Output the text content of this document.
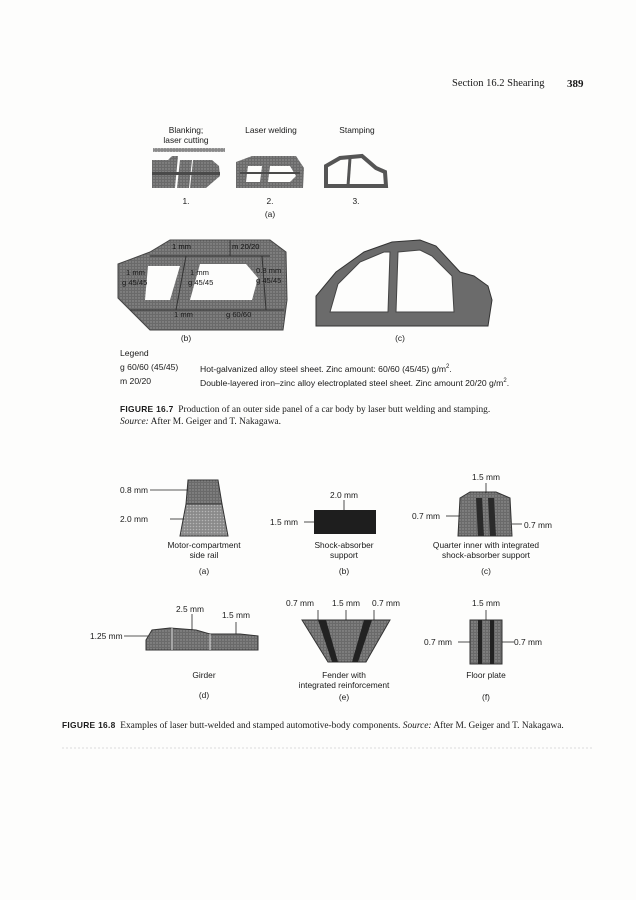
Section 16.2 Shearing 389
Blanking;
laser cutting
Laser welding	Stamping
1.	2.	3.
(a)
1 mm	m 20/20
1 mm
g 45/45
1 mm
g 45/45
0.8 mm
g 45/45
1 mm	g 60/60
(b)	(c)
Legend
g 60/60 (45/45)	Hot-galvanized alloy steel sheet. Zinc amount: 60/60 (45/45) $g/m^2$.
m 20/20	Double-layered iron–zinc alloy electroplated steel sheet. Zinc amount 20/20 $g/m^2$.
FIGURE 16.7 Production of an outer side panel of a car body by laser butt welding and stamping.
Source: After M. Geiger and T. Nakagawa.
0.8 mm
2.0 mm
Motor-compartment
side rail
(a)
2.0 mm
1.5 mm
Shock-absorber
support
(b)
1.5 mm
0.7 mm
0.7 mm
Quarter inner with integrated
shock-absorber support
(c)
2.5 mm
1.5 mm
1.25 mm
Girder
(d)
0.7 mm 1.5 mm 0.7 mm
Fender with
integrated reinforcement
(e)
1.5 mm
0.7 mm	0.7 mm
Floor plate
(f)
FIGURE 16.8 Examples of laser butt-welded and stamped automotive-body components. Source: After M. Geiger and T. Nakagawa.
